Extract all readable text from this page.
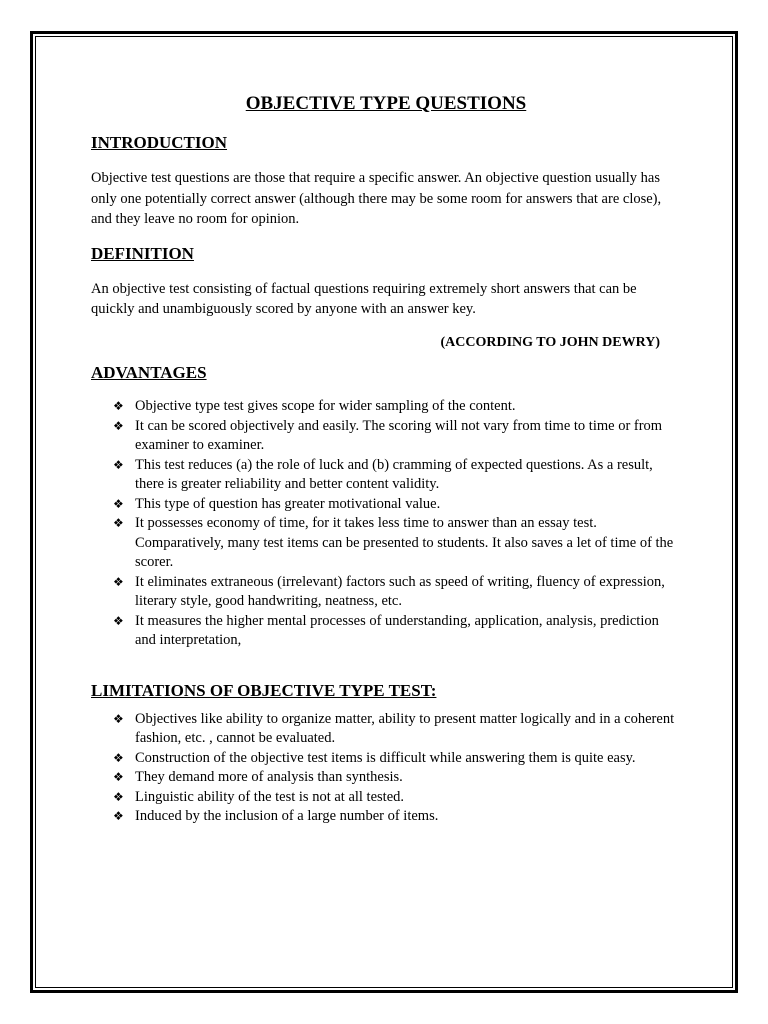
OBJECTIVE TYPE QUESTIONS
INTRODUCTION

Objective test questions are those that require a specific answer. An objective question usually has only one potentially correct answer (although there may be some room for answers that are close), and they leave no room for opinion.

DEFINITION

An objective test consisting of factual questions requiring extremely short answers that can be quickly and unambiguously scored by anyone with an answer key.

(ACCORDING TO JOHN DEWRY)

ADVANTAGES
❖ Objective type test gives scope for wider sampling of the content.
❖ It can be scored objectively and easily. The scoring will not vary from time to time or from examiner to examiner.
❖ This test reduces (a) the role of luck and (b) cramming of expected questions. As a result, there is greater reliability and better content validity.
❖ This type of question has greater motivational value.
❖ It possesses economy of time, for it takes less time to answer than an essay test. Comparatively, many test items can be presented to students. It also saves a let of time of the scorer.
❖ It eliminates extraneous (irrelevant) factors such as speed of writing, fluency of expression, literary style, good handwriting, neatness, etc.
❖ It measures the higher mental processes of understanding, application, analysis, prediction and interpretation,
LIMITATIONS OF OBJECTIVE TYPE TEST:
❖ Objectives like ability to organize matter, ability to present matter logically and in a coherent fashion, etc. , cannot be evaluated.
❖ Construction of the objective test items is difficult while answering them is quite easy.
❖ They demand more of analysis than synthesis.
❖ Linguistic ability of the test is not at all tested.
❖ Induced by the inclusion of a large number of items.
